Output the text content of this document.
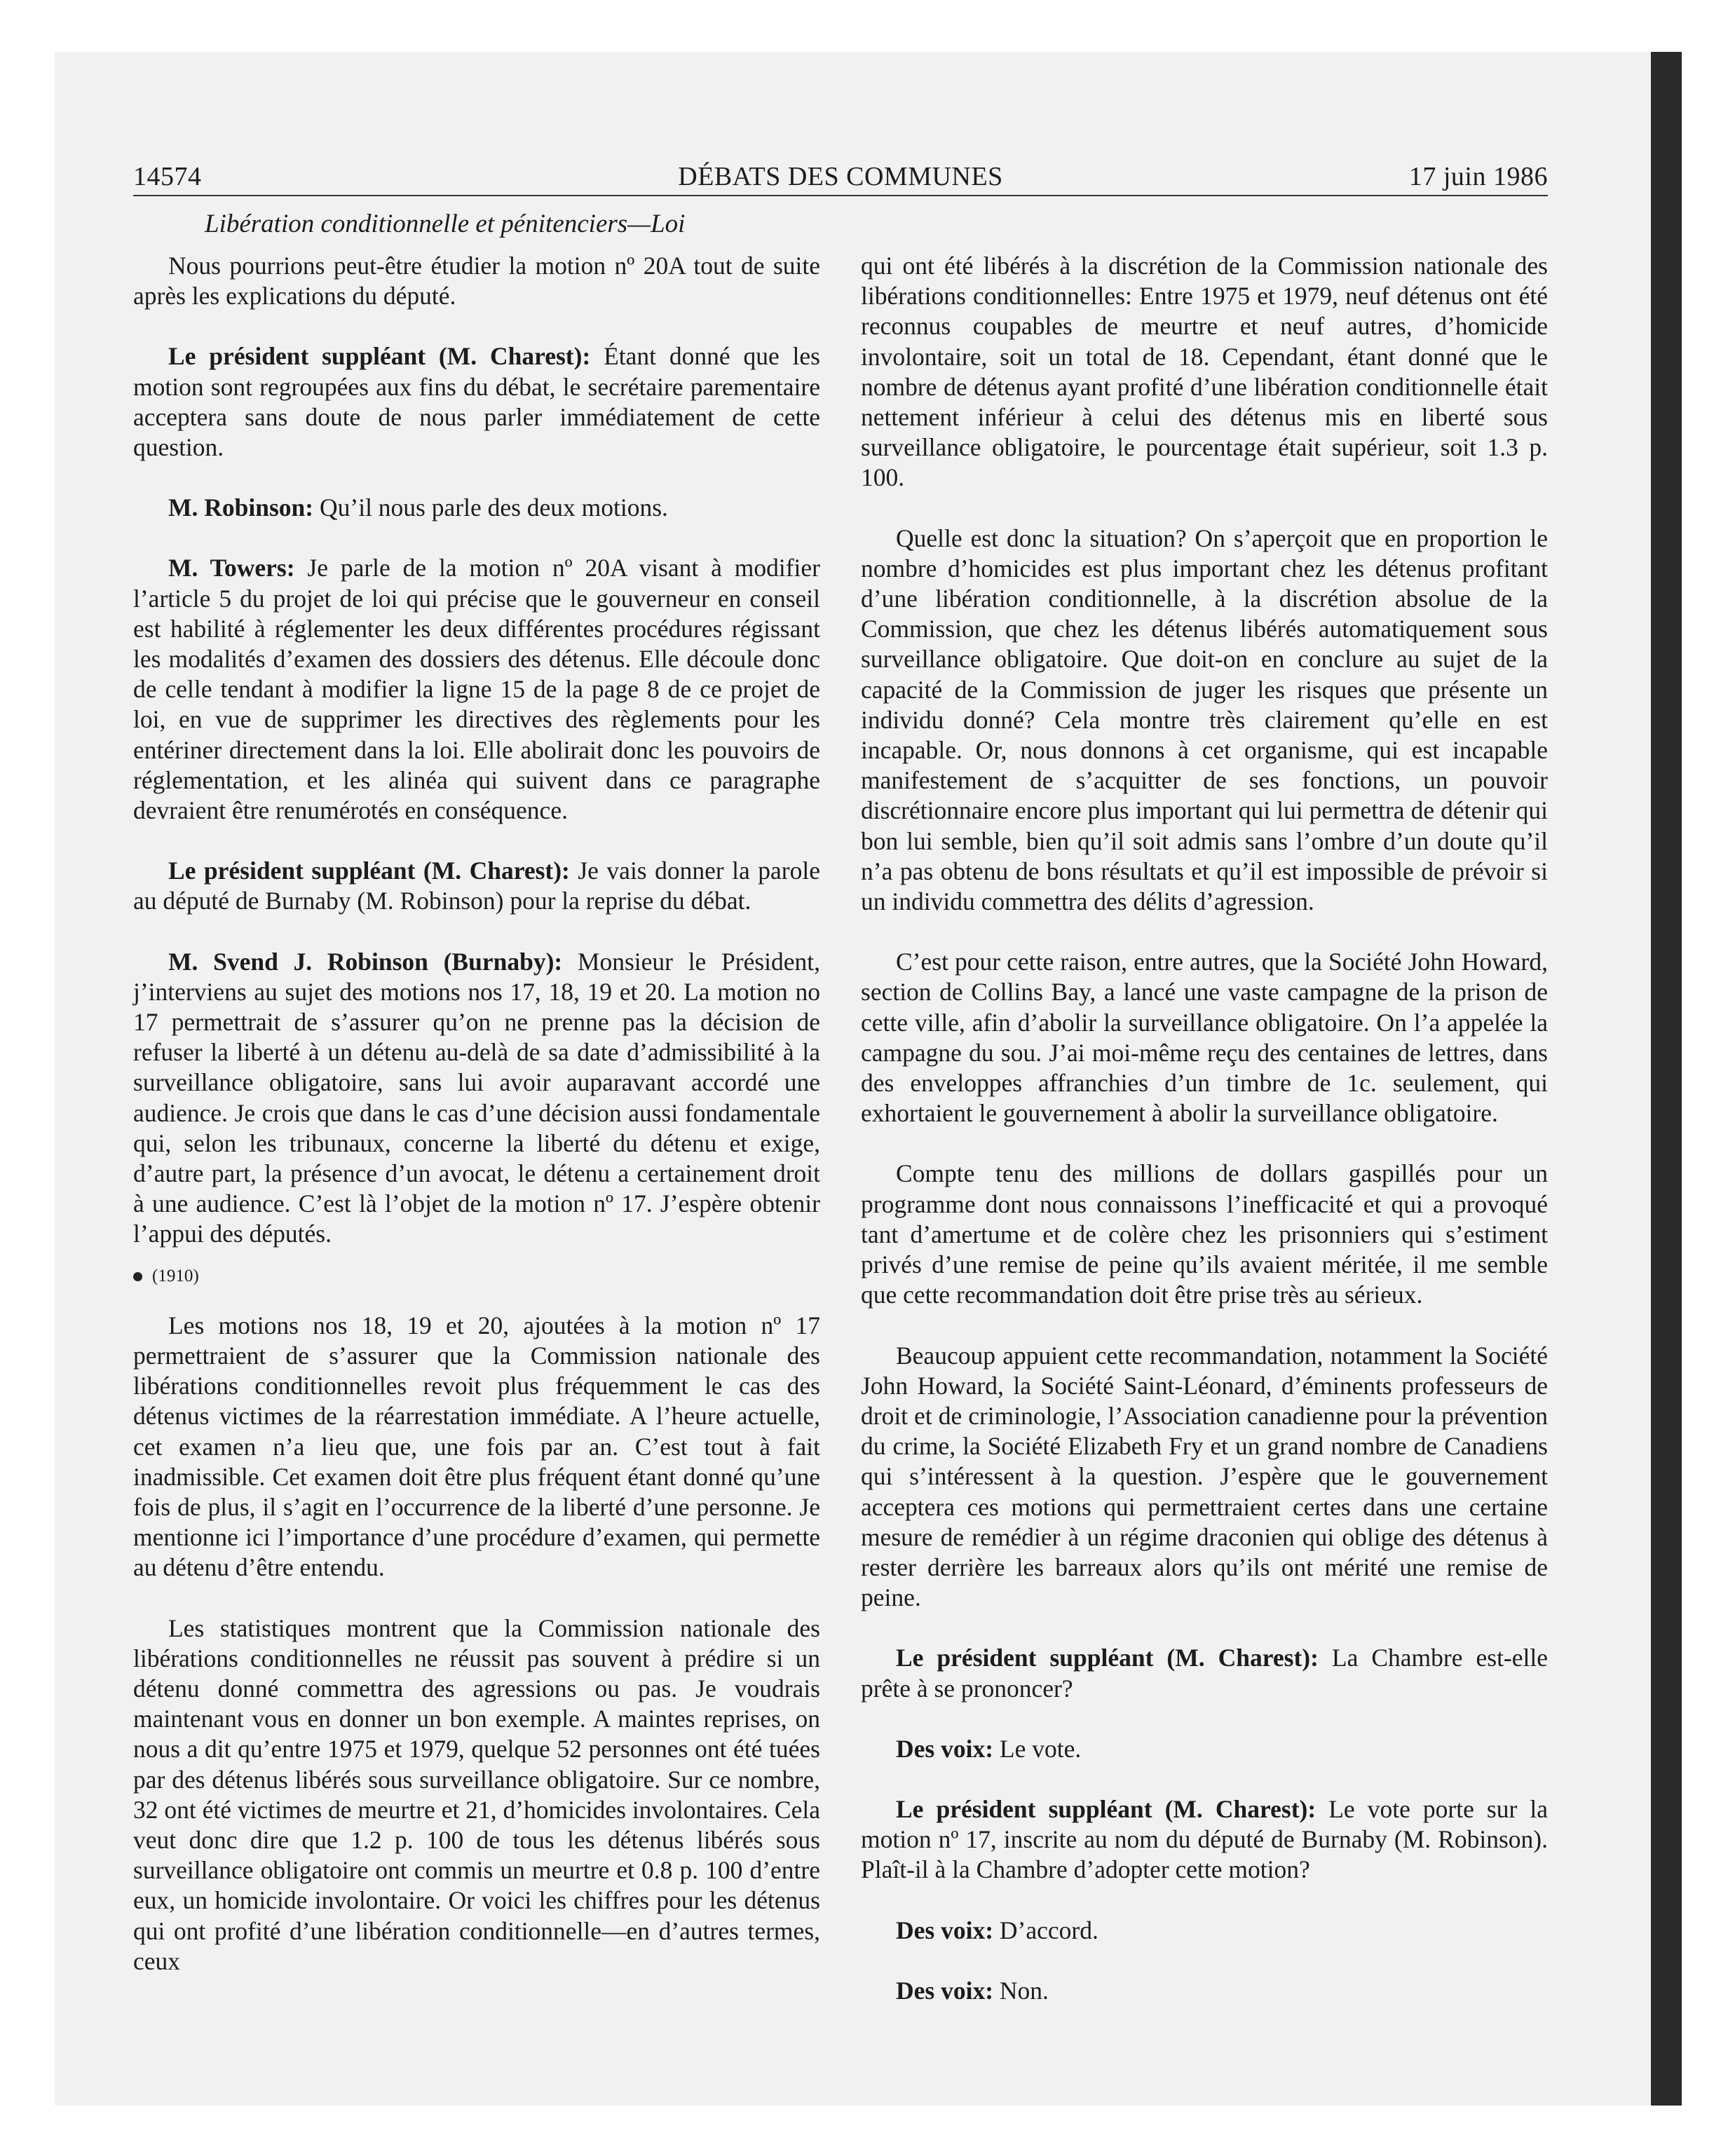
14574	DÉBATS DES COMMUNES	17 juin 1986
Libération conditionnelle et pénitenciers—Loi

Nous pourrions peut-être étudier la motion nº 20A tout de suite après les explications du député.

Le président suppléant (M. Charest): Étant donné que les motion sont regroupées aux fins du débat, le secrétaire parementaire acceptera sans doute de nous parler immédiatement de cette question.

M. Robinson: Qu’il nous parle des deux motions.

M. Towers: Je parle de la motion nº 20A visant à modifier l’article 5 du projet de loi qui précise que le gouverneur en conseil est habilité à réglementer les deux différentes procédures régissant les modalités d’examen des dossiers des détenus. Elle découle donc de celle tendant à modifier la ligne 15 de la page 8 de ce projet de loi, en vue de supprimer les directives des règlements pour les entériner directement dans la loi. Elle abolirait donc les pouvoirs de réglementation, et les alinéa qui suivent dans ce paragraphe devraient être renumérotés en conséquence.

Le président suppléant (M. Charest): Je vais donner la parole au député de Burnaby (M. Robinson) pour la reprise du débat.

M. Svend J. Robinson (Burnaby): Monsieur le Président, j’interviens au sujet des motions nos 17, 18, 19 et 20. La motion no 17 permettrait de s’assurer qu’on ne prenne pas la décision de refuser la liberté à un détenu au-delà de sa date d’admissibilité à la surveillance obligatoire, sans lui avoir auparavant accordé une audience. Je crois que dans le cas d’une décision aussi fondamentale qui, selon les tribunaux, concerne la liberté du détenu et exige, d’autre part, la présence d’un avocat, le détenu a certainement droit à une audience. C’est là l’objet de la motion nº 17. J’espère obtenir l’appui des députés.

(1910)

Les motions nos 18, 19 et 20, ajoutées à la motion nº 17 permettraient de s’assurer que la Commission nationale des libérations conditionnelles revoit plus fréquemment le cas des détenus victimes de la réarrestation immédiate. A l’heure actuelle, cet examen n’a lieu que, une fois par an. C’est tout à fait inadmissible. Cet examen doit être plus fréquent étant donné qu’une fois de plus, il s’agit en l’occurrence de la liberté d’une personne. Je mentionne ici l’importance d’une procédure d’examen, qui permette au détenu d’être entendu.

Les statistiques montrent que la Commission nationale des libérations conditionnelles ne réussit pas souvent à prédire si un détenu donné commettra des agressions ou pas. Je voudrais maintenant vous en donner un bon exemple. A maintes reprises, on nous a dit qu’entre 1975 et 1979, quelque 52 personnes ont été tuées par des détenus libérés sous surveillance obligatoire. Sur ce nombre, 32 ont été victimes de meurtre et 21, d’homicides involontaires. Cela veut donc dire que 1.2 p. 100 de tous les détenus libérés sous surveillance obligatoire ont commis un meurtre et 0.8 p. 100 d’entre eux, un homicide involontaire. Or voici les chiffres pour les détenus qui ont profité d’une libération conditionnelle—en d’autres termes, ceux

qui ont été libérés à la discrétion de la Commission nationale des libérations conditionnelles: Entre 1975 et 1979, neuf détenus ont été reconnus coupables de meurtre et neuf autres, d’homicide involontaire, soit un total de 18. Cependant, étant donné que le nombre de détenus ayant profité d’une libération conditionnelle était nettement inférieur à celui des détenus mis en liberté sous surveillance obligatoire, le pourcentage était supérieur, soit 1.3 p. 100.

Quelle est donc la situation? On s’aperçoit que en proportion le nombre d’homicides est plus important chez les détenus profitant d’une libération conditionnelle, à la discrétion absolue de la Commission, que chez les détenus libérés automatiquement sous surveillance obligatoire. Que doit-on en conclure au sujet de la capacité de la Commission de juger les risques que présente un individu donné? Cela montre très clairement qu’elle en est incapable. Or, nous donnons à cet organisme, qui est incapable manifestement de s’acquitter de ses fonctions, un pouvoir discrétionnaire encore plus important qui lui permettra de détenir qui bon lui semble, bien qu’il soit admis sans l’ombre d’un doute qu’il n’a pas obtenu de bons résultats et qu’il est impossible de prévoir si un individu commettra des délits d’agression.

C’est pour cette raison, entre autres, que la Société John Howard, section de Collins Bay, a lancé une vaste campagne de la prison de cette ville, afin d’abolir la surveillance obligatoire. On l’a appelée la campagne du sou. J’ai moi-même reçu des centaines de lettres, dans des enveloppes affranchies d’un timbre de 1c. seulement, qui exhortaient le gouvernement à abolir la surveillance obligatoire.

Compte tenu des millions de dollars gaspillés pour un programme dont nous connaissons l’inefficacité et qui a provoqué tant d’amertume et de colère chez les prisonniers qui s’estiment privés d’une remise de peine qu’ils avaient méritée, il me semble que cette recommandation doit être prise très au sérieux.

Beaucoup appuient cette recommandation, notamment la Société John Howard, la Société Saint-Léonard, d’éminents professeurs de droit et de criminologie, l’Association canadienne pour la prévention du crime, la Société Elizabeth Fry et un grand nombre de Canadiens qui s’intéressent à la question. J’espère que le gouvernement acceptera ces motions qui permettraient certes dans une certaine mesure de remédier à un régime draconien qui oblige des détenus à rester derrière les barreaux alors qu’ils ont mérité une remise de peine.

Le président suppléant (M. Charest): La Chambre est-elle prête à se prononcer?

Des voix: Le vote.

Le président suppléant (M. Charest): Le vote porte sur la motion nº 17, inscrite au nom du député de Burnaby (M. Robinson). Plaît-il à la Chambre d’adopter cette motion?

Des voix: D’accord.

Des voix: Non.
